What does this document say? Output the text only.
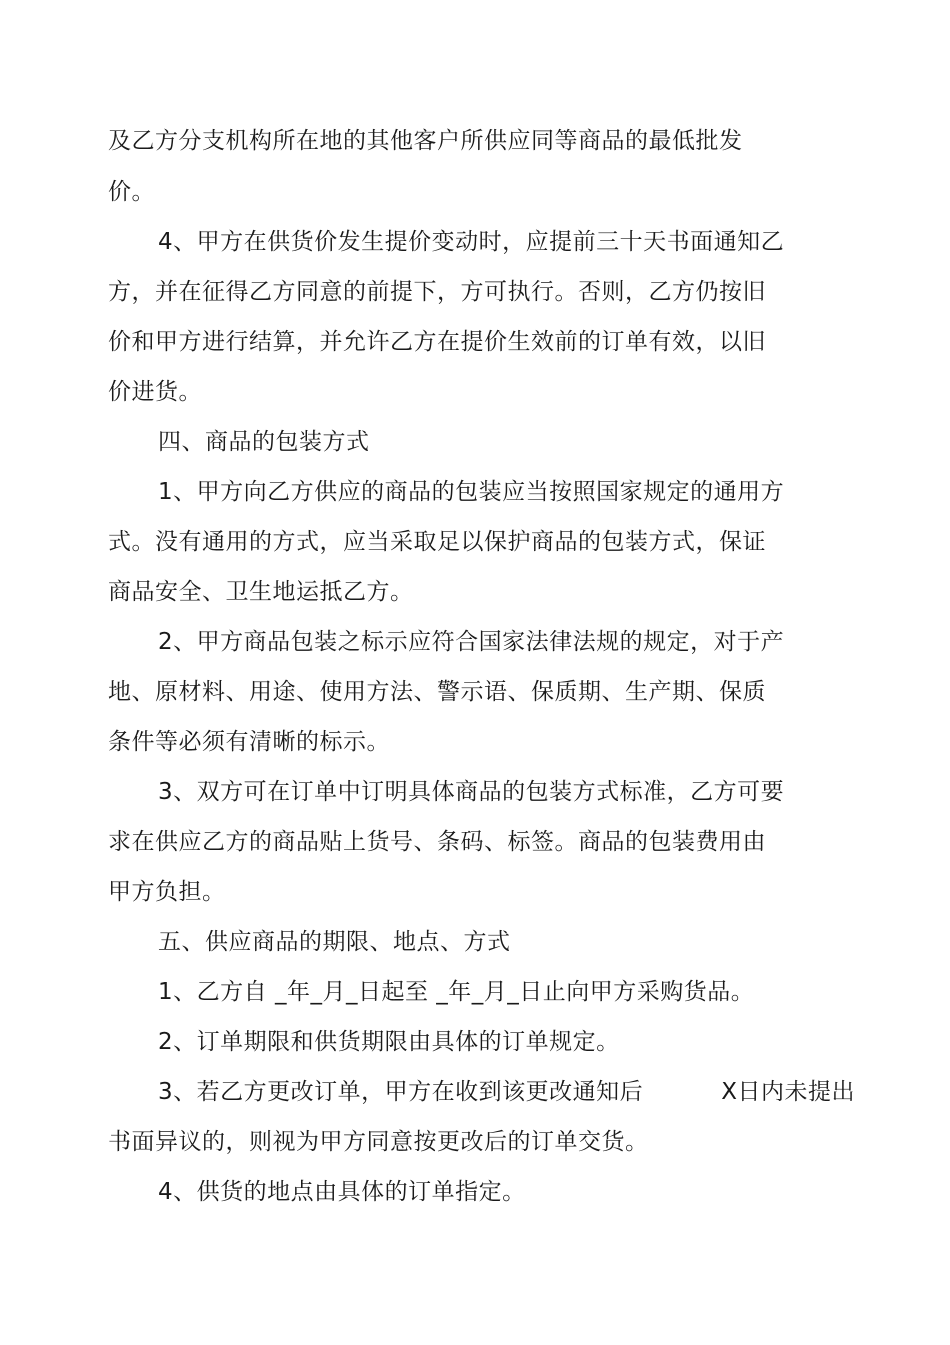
及乙方分支机构所在地的其他客户所供应同等商品的最低批发
价。
4、甲方在供货价发生提价变动时，应提前三十天书面通知乙
方，并在征得乙方同意的前提下，方可执行。否则，乙方仍按旧
价和甲方进行结算，并允许乙方在提价生效前的订单有效，以旧
价进货。
四、商品的包装方式
1、甲方向乙方供应的商品的包装应当按照国家规定的通用方
式。没有通用的方式，应当采取足以保护商品的包装方式，保证
商品安全、卫生地运抵乙方。
2、甲方商品包装之标示应符合国家法律法规的规定，对于产
地、原材料、用途、使用方法、警示语、保质期、生产期、保质
条件等必须有清晰的标示。
3、双方可在订单中订明具体商品的包装方式标准，乙方可要
求在供应乙方的商品贴上货号、条码、标签。商品的包装费用由
甲方负担。
五、供应商品的期限、地点、方式
1、乙方自 _年_月_日起至 _年_月_日止向甲方采购货品。
2、订单期限和供货期限由具体的订单规定。
3、若乙方更改订单，甲方在收到该更改通知后          X日内未提出
书面异议的，则视为甲方同意按更改后的订单交货。
4、供货的地点由具体的订单指定。
